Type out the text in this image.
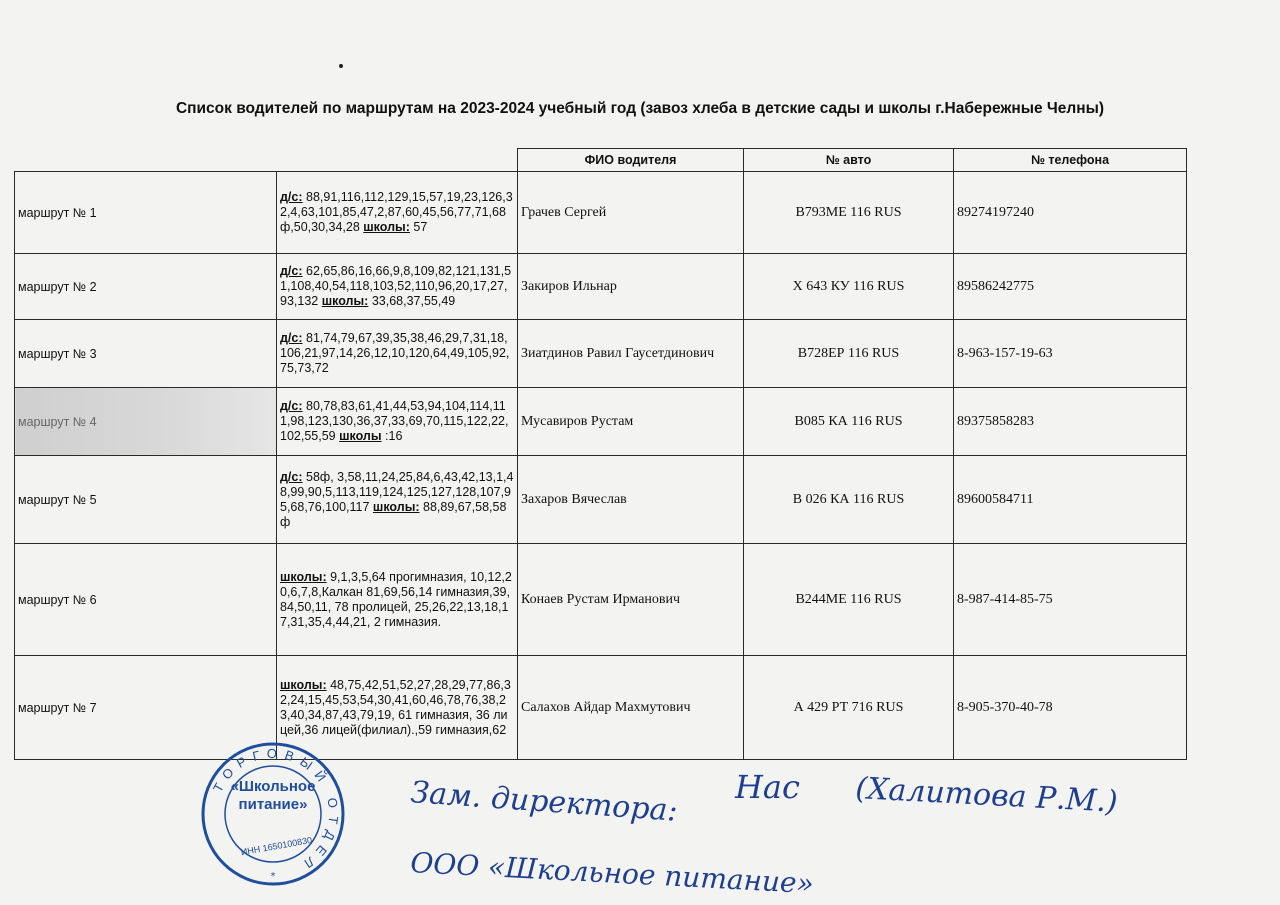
Список водителей по маршрутам на 2023-2024 учебный год (завоз хлеба в детские сады и школы г.Набережные Челны)
		ФИО водителя	№ авто	№ телефона
маршрут № 1	д/с: 88,91,116,112,129,15,57,19,23,126,32,4,63,101,85,47,2,87,60,45,56,77,71,68ф,50,30,34,28 школы: 57	Грачев Сергей	В793МЕ 116 RUS	89274197240
маршрут № 2	д/с: 62,65,86,16,66,9,8,109,82,121,131,51,108,40,54,118,103,52,110,96,20,17,27,93,132 школы: 33,68,37,55,49	Закиров Ильнар	Х 643 КУ 116 RUS	89586242775
маршрут № 3	д/с: 81,74,79,67,39,35,38,46,29,7,31,18,106,21,97,14,26,12,10,120,64,49,105,92,75,73,72	Зиатдинов Равил Гаусетдинович	В728ЕР 116 RUS	8-963-157-19-63
маршрут № 4	д/с: 80,78,83,61,41,44,53,94,104,114,111,98,123,130,36,37,33,69,70,115,122,22,102,55,59 школы :16	Мусавиров Рустам	В085 КА 116 RUS	89375858283
маршрут № 5	д/с: 58ф, 3,58,11,24,25,84,6,43,42,13,1,48,99,90,5,113,119,124,125,127,128,107,95,68,76,100,117 школы: 88,89,67,58,58 ф	Захаров Вячеслав	В 026 КА 116 RUS	89600584711
маршрут № 6	школы: 9,1,3,5,64 прогимназия, 10,12,20,6,7,8,Калкан 81,69,56,14 гимназия,39,84,50,11, 78 пролицей, 25,26,22,13,18,17,31,35,4,44,21, 2 гимназия.	Конаев Рустам Ирманович	В244МЕ 116 RUS	8-987-414-85-75
маршрут № 7	школы: 48,75,42,51,52,27,28,29,77,86,32,24,15,45,53,54,30,41,60,46,78,76,38,23,40,34,87,43,79,19, 61 гимназия, 36 лицей,36 лицей(филиал).,59 гимназия,62	Салахов Айдар Махмутович	А 429 РТ 716 RUS	8-905-370-40-78
ТОРГОВЫЙ ОТДЕЛ
«Школьное
питание»
ИНН 1650100830
*
Зам. директора: Нас (Халитова Р.М.)
ООО «Школьное питание»
